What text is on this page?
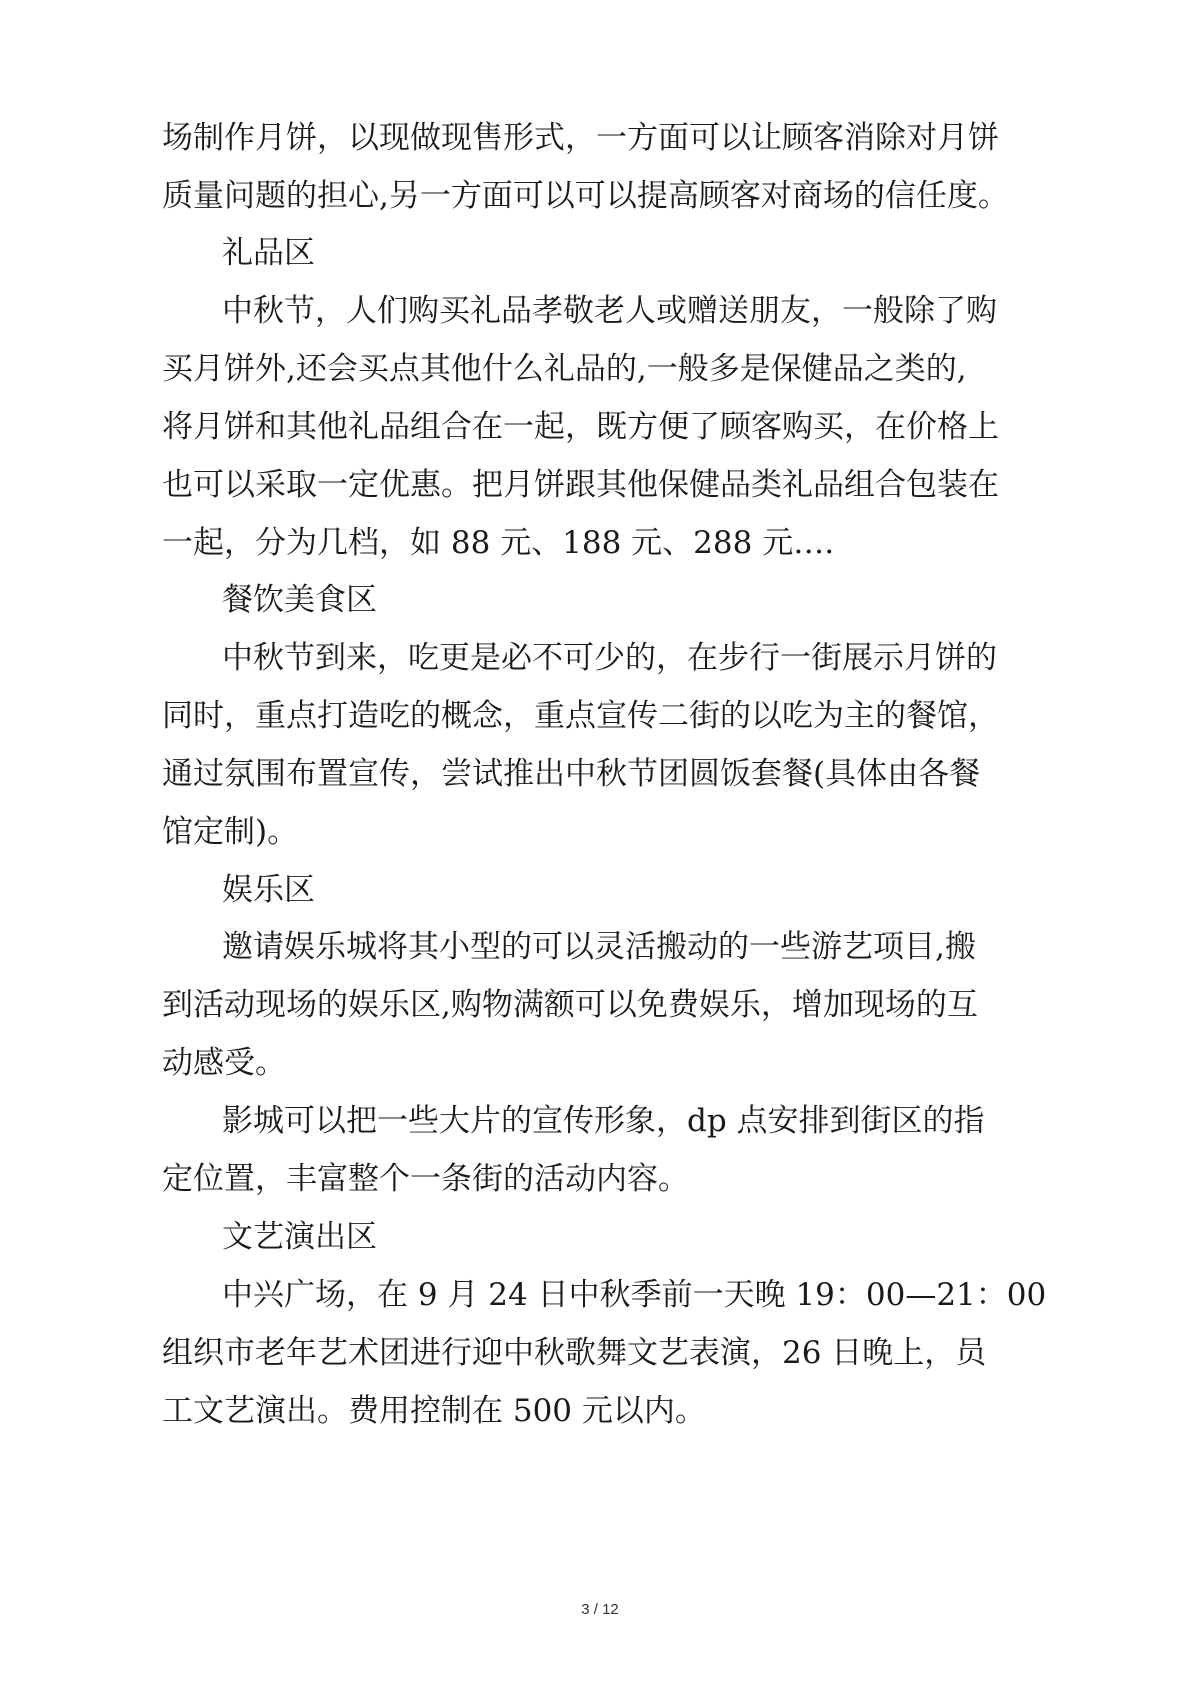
场制作月饼，以现做现售形式，一方面可以让顾客消除对月饼
质量问题的担心,另一方面可以可以提高顾客对商场的信任度。
礼品区
中秋节，人们购买礼品孝敬老人或赠送朋友，一般除了购
买月饼外,还会买点其他什么礼品的,一般多是保健品之类的,
将月饼和其他礼品组合在一起，既方便了顾客购买，在价格上
也可以采取一定优惠。把月饼跟其他保健品类礼品组合包装在
一起，分为几档，如 88 元、188 元、288 元….
餐饮美食区
中秋节到来，吃更是必不可少的，在步行一街展示月饼的
同时，重点打造吃的概念，重点宣传二街的以吃为主的餐馆，
通过氛围布置宣传，尝试推出中秋节团圆饭套餐(具体由各餐
馆定制)。
娱乐区
邀请娱乐城将其小型的可以灵活搬动的一些游艺项目,搬
到活动现场的娱乐区,购物满额可以免费娱乐，增加现场的互
动感受。
影城可以把一些大片的宣传形象，dp 点安排到街区的指
定位置，丰富整个一条街的活动内容。
文艺演出区
中兴广场，在 9 月 24 日中秋季前一天晚 19：00—21：00
组织市老年艺术团进行迎中秋歌舞文艺表演，26 日晚上，员
工文艺演出。费用控制在 500 元以内。
3 / 12
